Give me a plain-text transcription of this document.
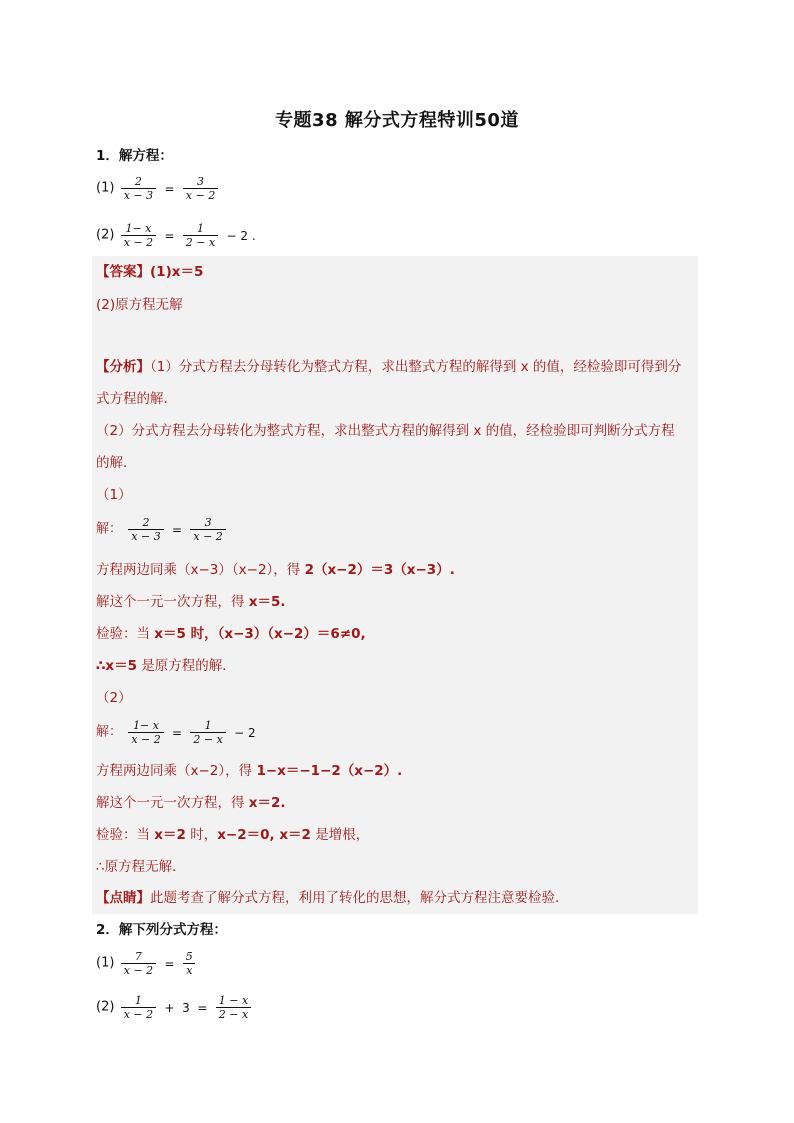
专题38 解分式方程特训50道
1．解方程：
$(1) \frac{2}{x - 3} = \frac{3}{x - 2}$
$(2) \frac{1- x}{x - 2} = \frac{1}{2 - x} - 2$ .
【答案】(1)x＝5
(2)原方程无解
【分析】（1）分式方程去分母转化为整式方程，求出整式方程的解得到 x 的值，经检验即可得到分
式方程的解．
（2）分式方程去分母转化为整式方程，求出整式方程的解得到 x 的值，经检验即可判断分式方程
的解．
（1）
解： $\frac{2}{x - 3} = \frac{3}{x - 2}$
方程两边同乘（x−3）（x−2），得 2（x−2）＝3（x−3）.
解这个一元一次方程，得 x＝5.
检验：当 x＝5 时，（x−3）（x−2）＝6≠0,
∴x＝5 是原方程的解．
（2）
解： $\frac{1- x}{x - 2} = \frac{1}{2 - x} - 2$
方程两边同乘（x−2），得 1−x＝−1−2（x−2）.
解这个一元一次方程，得 x＝2.
检验：当 x＝2 时，x−2＝0, x＝2 是增根，
∴原方程无解．
【点睛】此题考查了解分式方程，利用了转化的思想，解分式方程注意要检验．
2．解下列分式方程：
$(1) \frac{7}{x - 2} = \frac{5}{x}$
$(2) \frac{1}{x - 2} + 3 = \frac{1 - x}{2 - x}$
